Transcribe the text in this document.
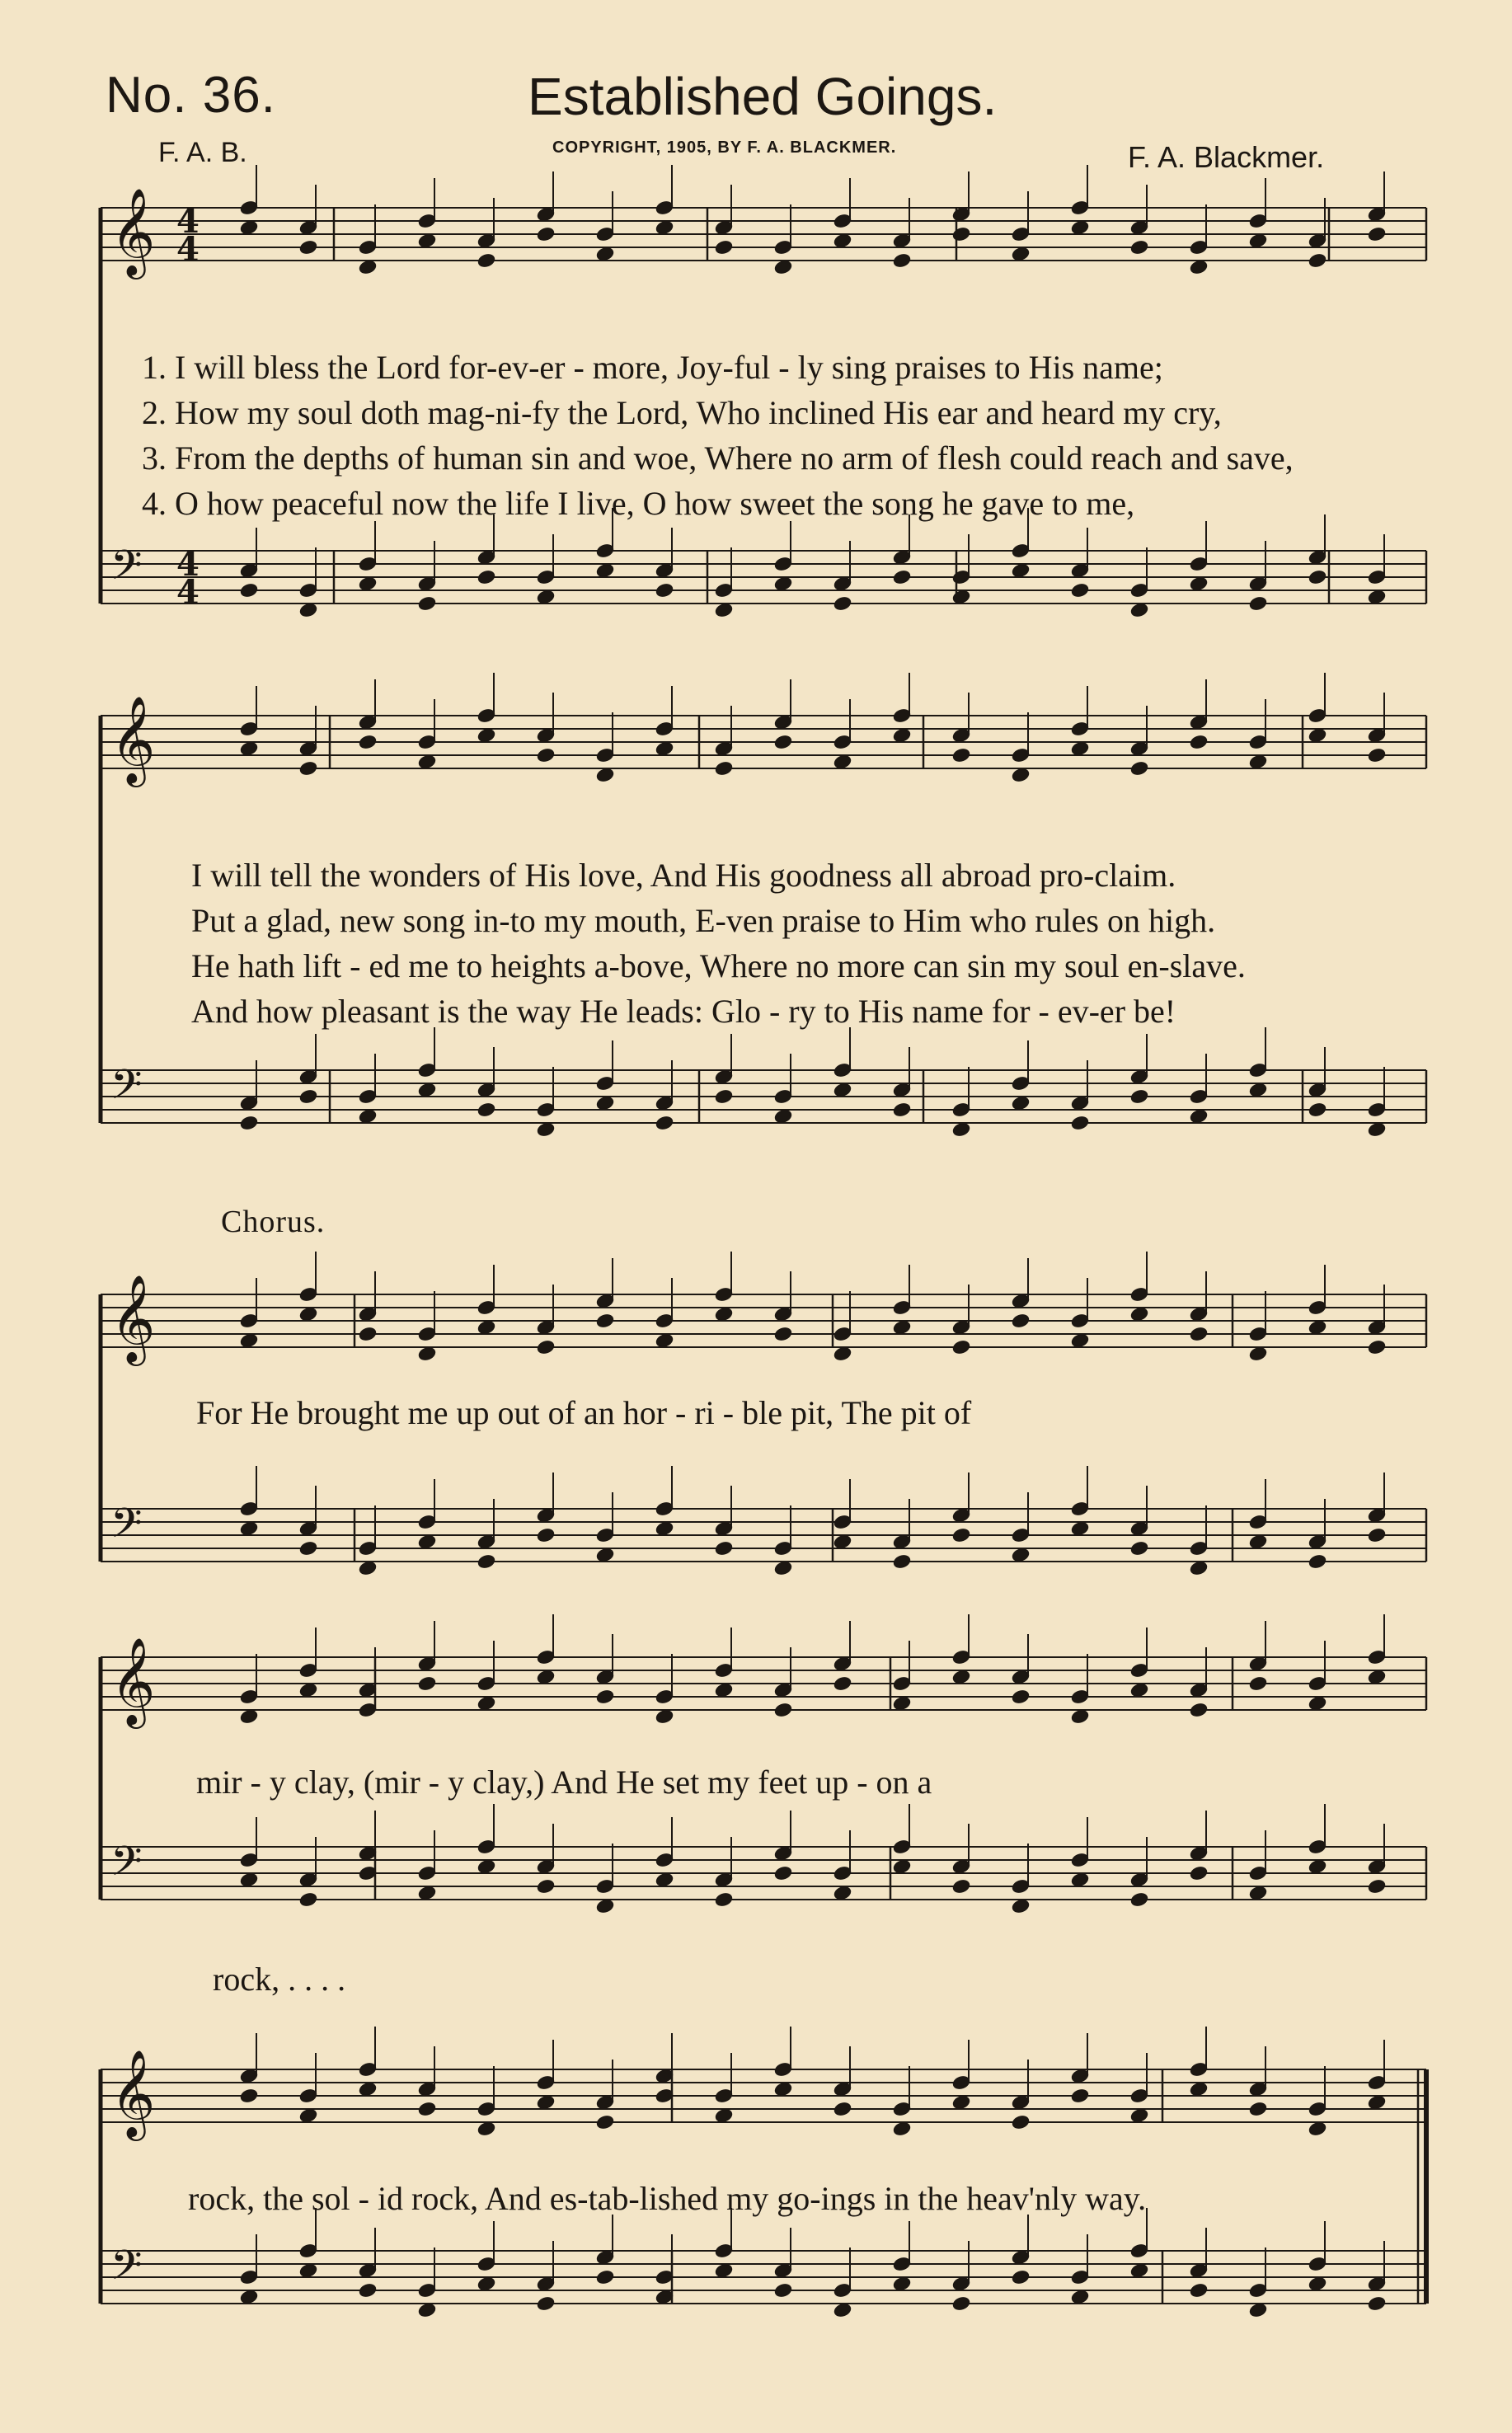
No. 36.	Established Goings.
F. A. B.	COPYRIGHT, 1905, BY F. A. BLACKMER.	F. A. Blackmer.
𝄞
𝄢
𝄞
𝄢
𝄞
𝄢
𝄞
𝄢
𝄞
𝄢
4
4
4
4
1. I will bless the Lord for-ev-er - more, Joy-ful - ly sing praises to His name;
2. How my soul doth mag-ni-fy the Lord, Who inclined His ear and heard my cry,
3. From the depths of human sin and woe, Where no arm of flesh could reach and save,
4. O how peaceful now the life I live, O how sweet the song he gave to me,
I will tell the wonders of His love, And His goodness all abroad pro-claim.
Put a glad, new song in-to my mouth, E-ven praise to Him who rules on high.
He hath lift - ed me to heights a-bove, Where no more can sin my soul en-slave.
And how pleasant is the way He leads: Glo - ry to His name for - ev-er be!
Chorus.
For He brought me up out of an hor - ri - ble pit, The pit of
mir - y clay, (mir - y clay,) And He set my feet up - on a
rock, . . . .
rock, the sol - id rock, And es-tab-lished my go-ings in the heav'nly way.
